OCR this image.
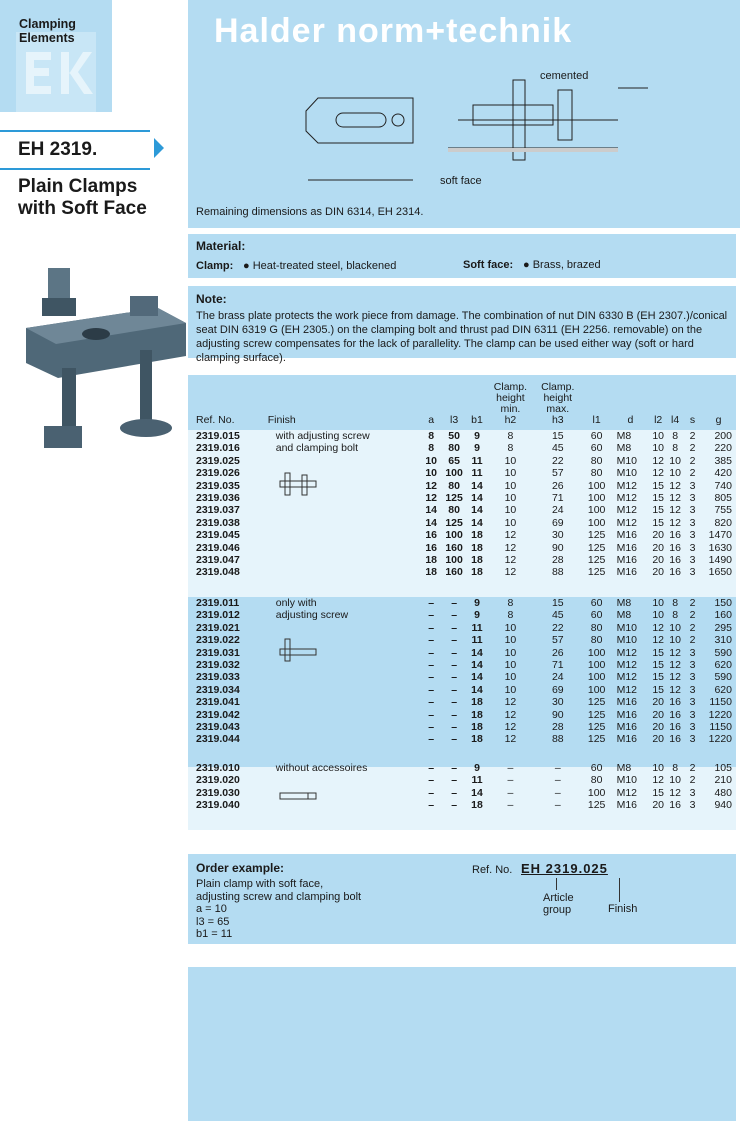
Clamping
Elements
EH 2319.
Plain Clamps
with Soft Face
Halder norm+technik
cemented
soft face
Remaining dimensions as DIN 6314, EH 2314.
Material:
Clamp: ● Heat-treated steel, blackened	Soft face: ● Brass, brazed
Note:
The brass plate protects the work piece from damage. The combination of nut DIN 6330 B (EH 2307.)/conical seat DIN 6319 G (EH 2305.) on the clamping bolt and thrust pad DIN 6311 (EH 2256. removable) on the adjusting screw compensates for the lack of parallelity. The clamp can be used either way (soft or hard clamping surface).
Ref. No.	Finish	a	l3	b1	Clamp.
height
min.
h2	Clamp.
height
max.
h3	l1	d		l2	l4	s	g
2319.015	with adjusting screw	8	50	9	8	15	60	M	8	10	8	2	200
2319.016	and clamping bolt	8	80	9	8	45	60	M	8	10	8	2	220
2319.025		10	65	11	10	22	80	M	10	12	10	2	385
2319.026		10	100	11	10	57	80	M	10	12	10	2	420
2319.035		12	80	14	10	26	100	M	12	15	12	3	740
2319.036		12	125	14	10	71	100	M	12	15	12	3	805
2319.037		14	80	14	10	24	100	M	12	15	12	3	755
2319.038		14	125	14	10	69	100	M	12	15	12	3	820
2319.045		16	100	18	12	30	125	M	16	20	16	3	1470
2319.046		16	160	18	12	90	125	M	16	20	16	3	1630
2319.047		18	100	18	12	28	125	M	16	20	16	3	1490
2319.048		18	160	18	12	88	125	M	16	20	16	3	1650

2319.011	only with	–	–	9	8	15	60	M	8	10	8	2	150
2319.012	adjusting screw	–	–	9	8	45	60	M	8	10	8	2	160
2319.021		–	–	11	10	22	80	M	10	12	10	2	295
2319.022		–	–	11	10	57	80	M	10	12	10	2	310
2319.031		–	–	14	10	26	100	M	12	15	12	3	590
2319.032		–	–	14	10	71	100	M	12	15	12	3	620
2319.033		–	–	14	10	24	100	M	12	15	12	3	590
2319.034		–	–	14	10	69	100	M	12	15	12	3	620
2319.041		–	–	18	12	30	125	M	16	20	16	3	1150
2319.042		–	–	18	12	90	125	M	16	20	16	3	1220
2319.043		–	–	18	12	28	125	M	16	20	16	3	1150
2319.044		–	–	18	12	88	125	M	16	20	16	3	1220

2319.010	without accessoires	–	–	9	–	–	60	M	8	10	8	2	105
2319.020		–	–	11	–	–	80	M	10	12	10	2	210
2319.030		–	–	14	–	–	100	M	12	15	12	3	480
2319.040		–	–	18	–	–	125	M	16	20	16	3	940
Order example:
Plain clamp with soft face,
adjusting screw and clamping bolt
a = 10
l3 = 65
b1 = 11
Ref. No. EH 2319.025
Article
group	Finish
